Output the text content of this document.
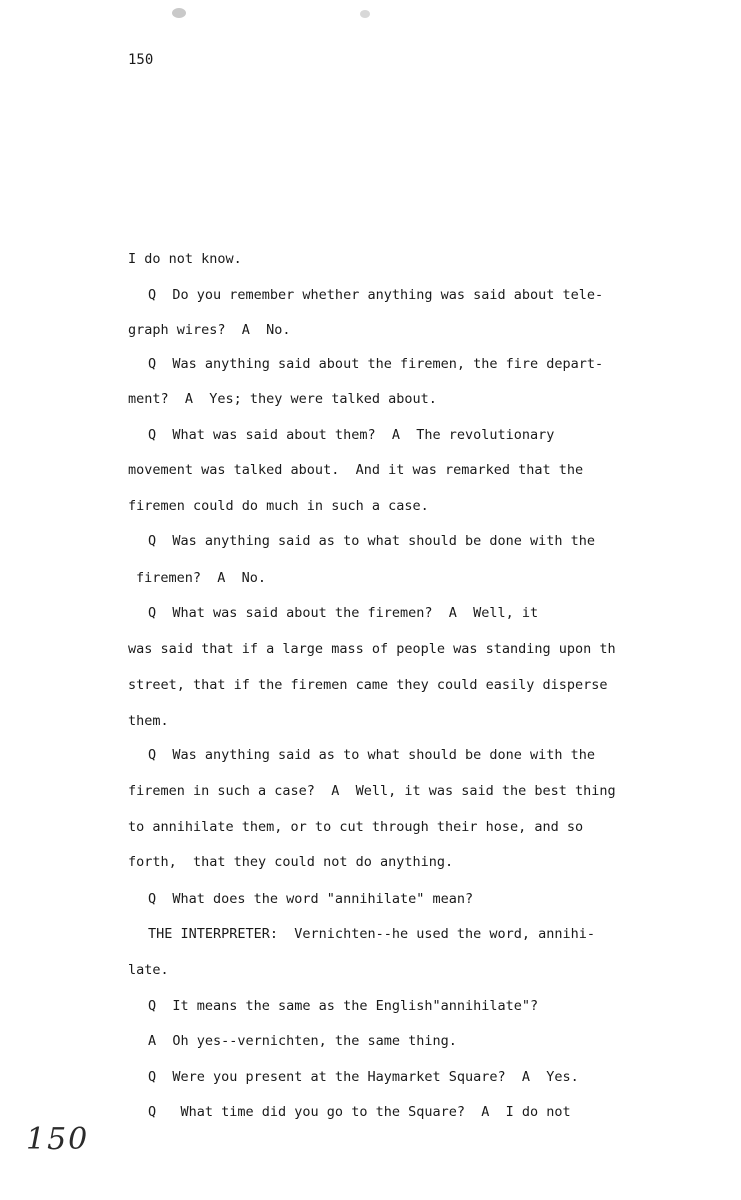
150
I do not know.
Q  Do you remember whether anything was said about tele-
graph wires?  A  No.
Q  Was anything said about the firemen, the fire depart-
ment?  A  Yes; they were talked about.
Q  What was said about them?  A  The revolutionary
movement was talked about.  And it was remarked that the
firemen could do much in such a case.
Q  Was anything said as to what should be done with the
firemen?  A  No.
Q  What was said about the firemen?  A  Well, it
was said that if a large mass of people was standing upon th
street, that if the firemen came they could easily disperse
them.
Q  Was anything said as to what should be done with the
firemen in such a case?  A  Well, it was said the best thing
to annihilate them, or to cut through their hose, and so
forth,  that they could not do anything.
Q  What does the word "annihilate" mean?
THE INTERPRETER:  Vernichten--he used the word, annihi-
late.
Q  It means the same as the English"annihilate"?
A  Oh yes--vernichten, the same thing.
Q  Were you present at the Haymarket Square?  A  Yes.
Q   What time did you go to the Square?  A  I do not
150
